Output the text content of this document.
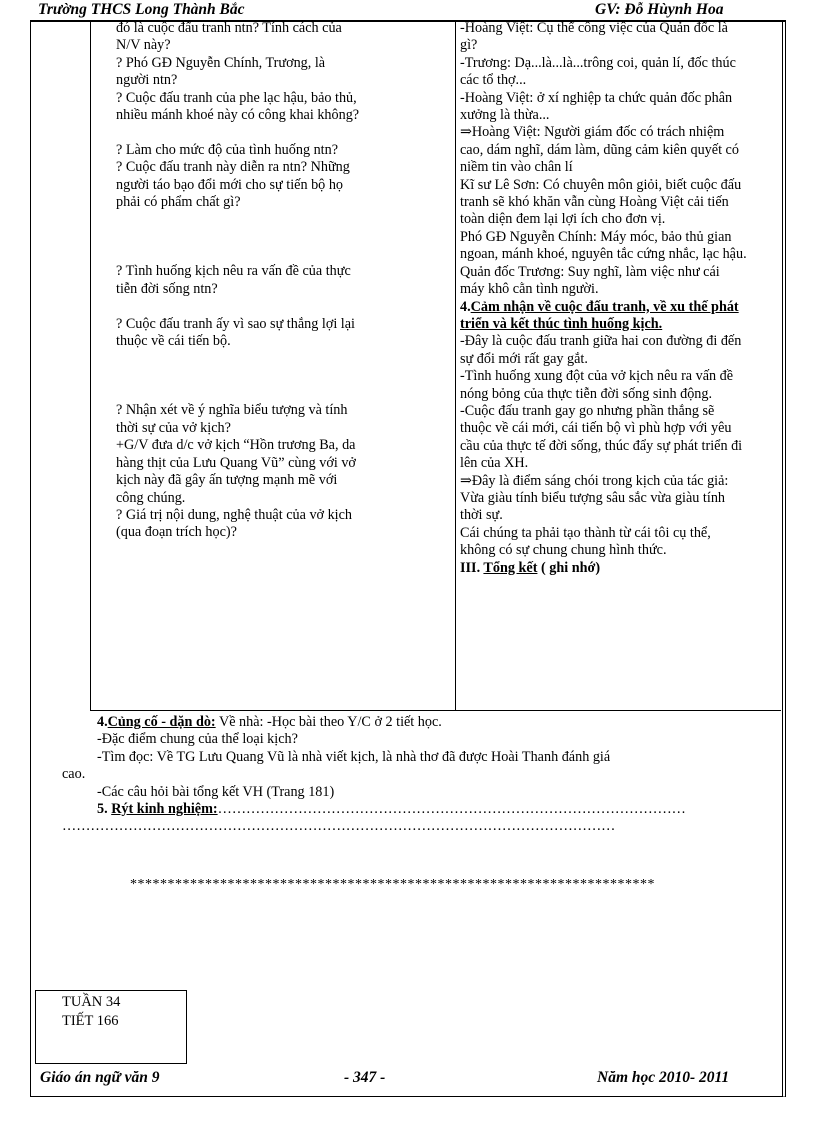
Trường THCS Long Thành Bắc	GV: Đỗ Hùynh Hoa

đó là cuộc đấu tranh ntn? Tính cách của

N/V này?

? Phó GĐ Nguyễn Chính, Trương, là

người ntn?

? Cuộc đấu tranh của phe lạc hậu, bảo thủ,

nhiều mánh khoé này có công khai không?

? Làm cho mức độ của tình huống ntn?

? Cuộc đấu tranh này diễn ra ntn? Những

người táo bạo đổi mới cho sự tiến bộ họ

phải có phẩm chất gì?

? Tình huống kịch nêu ra vấn đề của thực

tiễn đời sống ntn?

? Cuộc đấu tranh ấy vì sao sự thắng lợi lại

thuộc về cái tiến bộ.

? Nhận xét về ý nghĩa biểu tượng và tính

thời sự của vở kịch?

+G/V đưa d/c vở kịch “Hồn trương Ba, da

hàng thịt của Lưu Quang Vũ” cùng với vở

kịch này đã gây ấn tượng mạnh mẽ với

công chúng.

? Giá trị nội dung, nghệ thuật của vở kịch

(qua đoạn trích học)?

-Hoàng Việt: Cụ thể công việc của Quản đốc là

gì?

-Trương: Dạ...là...là...trông coi, quản lí, đốc thúc

các tổ thợ...

-Hoàng Việt: ở xí nghiệp ta chức quản đốc phân

xưởng là thừa...

⇒Hoàng Việt: Người giám đốc có trách nhiệm

cao, dám nghĩ, dám làm, dũng cảm kiên quyết có

niềm tin vào chân lí

Kĩ sư Lê Sơn: Có chuyên môn giỏi, biết cuộc đấu

tranh sẽ khó khăn vẫn cùng Hoàng Việt cải tiến

toàn diện đem lại lợi ích cho đơn vị.

Phó GĐ Nguyễn Chính: Máy móc, bảo thủ gian

ngoan, mánh khoé, nguyên tắc cứng nhắc, lạc hậu.

Quản đốc Trương: Suy nghĩ, làm việc như cái

máy khô cằn tình người.

4.Cảm nhận về cuộc đấu tranh, về xu thế phát

triển và kết thúc tình huống kịch.

-Đây là cuộc đấu tranh giữa hai con đường đi đến

sự đổi mới rất gay gắt.

-Tình huống xung đột của vở kịch nêu ra vấn đề

nóng bỏng của thực tiễn đời sống sinh động.

-Cuộc đấu tranh gay go nhưng phần thắng sẽ

thuộc về cái mới, cái tiến bộ vì phù hợp với yêu

cầu của thực tế đời sống, thúc đẩy sự phát triển đi

lên của XH.

⇒Đây là điểm sáng chói trong kịch của tác giả:

Vừa giàu tính biểu tượng sâu sắc vừa giàu tính

thời sự.

Cái chúng ta phải tạo thành từ cái tôi cụ thể,

không có sự chung chung hình thức.

III. Tổng kết ( ghi nhớ)

4.Củng cố - dặn dò: Về nhà: -Học bài theo Y/C ở 2 tiết học.

-Đặc điểm chung của thể loại kịch?

-Tìm đọc: Về TG Lưu Quang Vũ là nhà viết kịch, là nhà thơ đã được Hoài Thanh đánh giá

cao.

-Các câu hỏi bài tổng kết VH (Trang 181)

5. Rýt kinh nghiệm:………………………………………………………………………………………

………………………………………………………………………………………………………

**********************************************************************

TUẦN 34

TIẾT 166

Giáo án ngữ văn 9	- 347 -	Năm học 2010- 2011
